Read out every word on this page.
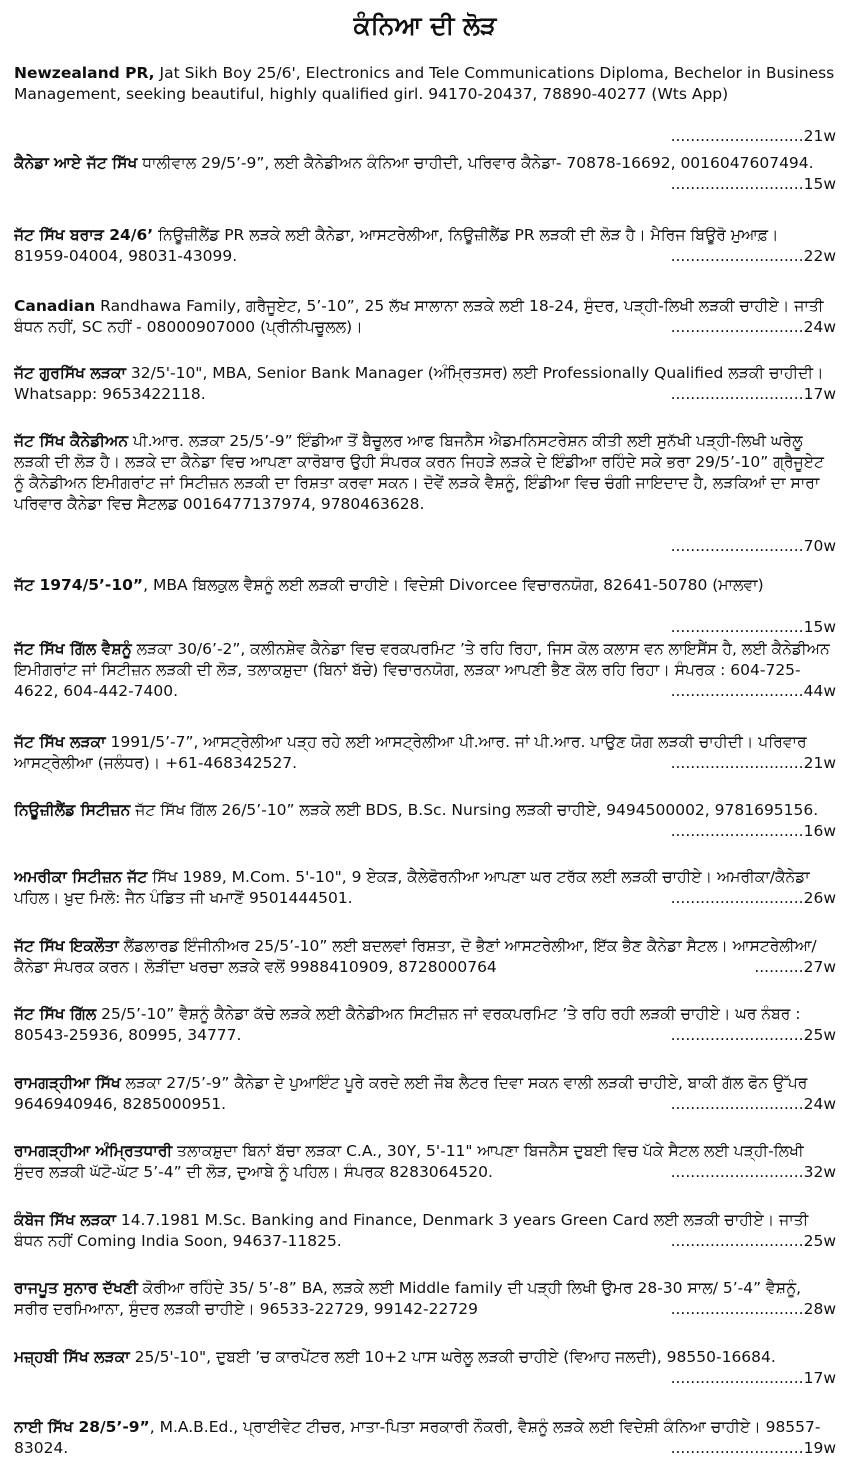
ਕੰਨਿਆ ਦੀ ਲੋੜ

Newzealand PR, Jat Sikh Boy 25/6', Electronics and Tele Communications Diploma, Bechelor in Business Management, seeking beautiful, highly qualified girl. 94170-20437, 78890-40277 (Wts App)

...........................21w

ਕੈਨੇਡਾ ਆਏ ਜੱਟ ਸਿੱਖ ਧਾਲੀਵਾਲ 29/5’-9”, ਲਈ ਕੈਨੇਡੀਅਨ ਕੰਨਿਆ ਚਾਹੀਦੀ, ਪਰਿਵਾਰ ਕੈਨੇਡਾ- 70878-16692, 0016047607494.

...........................15w

ਜੱਟ ਸਿੱਖ ਬਰਾੜ 24/6’ ਨਿਊਜ਼ੀਲੈਂਡ PR ਲੜਕੇ ਲਈ ਕੈਨੇਡਾ, ਆਸਟਰੇਲੀਆ, ਨਿਊਜ਼ੀਲੈਂਡ PR ਲੜਕੀ ਦੀ ਲੋੜ ਹੈ। ਮੈਰਿਜ ਬਿਊਰੋ ਮੁਆਫ਼। 81959-04004, 98031-43099.	...........................22w

Canadian Randhawa Family, ਗਰੈਜੂਏਟ, 5’-10”, 25 ਲੱਖ ਸਾਲਾਨਾ ਲੜਕੇ ਲਈ 18-24, ਸੁੰਦਰ, ਪੜ੍ਹੀ-ਲਿਖੀ ਲੜਕੀ ਚਾਹੀਏ। ਜਾਤੀ ਬੰਧਨ ਨਹੀਂ, SC ਨਹੀਂ - 08000907000 (ਪ੍ਰੀਨੀਪਚੂਲਲ)।	...........................24w

ਜੱਟ ਗੁਰਸਿੱਖ ਲੜਕਾ 32/5'-10", MBA, Senior Bank Manager (ਅੰਮ੍ਰਿਤਸਰ) ਲਈ Professionally Qualified ਲੜਕੀ ਚਾਹੀਦੀ। Whatsapp: 9653422118.	...........................17w

ਜੱਟ ਸਿੱਖ ਕੈਨੇਡੀਅਨ ਪੀ.ਆਰ. ਲੜਕਾ 25/5’-9” ਇੰਡੀਆ ਤੋਂ ਬੈਚੂਲਰ ਆਫ ਬਿਜਨੈਸ ਐਡਮਨਿਸਟਰੇਸ਼ਨ ਕੀਤੀ ਲਈ ਸੁਨੱਖੀ ਪੜ੍ਹੀ-ਲਿਖੀ ਘਰੇਲੂ ਲੜਕੀ ਦੀ ਲੋੜ ਹੈ। ਲੜਕੇ ਦਾ ਕੈਨੇਡਾ ਵਿਚ ਆਪਣਾ ਕਾਰੋਬਾਰ ਉਹੀ ਸੰਪਰਕ ਕਰਨ ਜਿਹੜੇ ਲੜਕੇ ਦੇ ਇੰਡੀਆ ਰਹਿੰਦੇ ਸਕੇ ਭਰਾ 29/5’-10” ਗ੍ਰੈਜੂਏਟ ਨੂੰ ਕੈਨੇਡੀਅਨ ਇਮੀਗਰਾਂਟ ਜਾਂ ਸਿਟੀਜ਼ਨ ਲੜਕੀ ਦਾ ਰਿਸ਼ਤਾ ਕਰਵਾ ਸਕਨ। ਦੋਵੇਂ ਲੜਕੇ ਵੈਸ਼ਨੂੰ, ਇੰਡੀਆ ਵਿਚ ਚੰਗੀ ਜਾਇਦਾਦ ਹੈ, ਲੜਕਿਆਂ ਦਾ ਸਾਰਾ ਪਰਿਵਾਰ ਕੈਨੇਡਾ ਵਿਚ ਸੈਟਲਡ 0016477137974, 9780463628.

...........................70w

ਜੱਟ 1974/5’-10”, MBA ਬਿਲਕੁਲ ਵੈਸ਼ਨੂੰ ਲਈ ਲੜਕੀ ਚਾਹੀਏ। ਵਿਦੇਸ਼ੀ Divorcee ਵਿਚਾਰਨਯੋਗ, 82641-50780 (ਮਾਲਵਾ)

...........................15w

ਜੱਟ ਸਿੱਖ ਗਿੱਲ ਵੈਸ਼ਨੂੰ ਲੜਕਾ 30/6’-2”, ਕਲੀਨਸ਼ੇਵ ਕੈਨੇਡਾ ਵਿਚ ਵਰਕਪਰਮਿਟ ’ਤੇ ਰਹਿ ਰਿਹਾ, ਜਿਸ ਕੋਲ ਕਲਾਸ ਵਨ ਲਾਇਸੈਂਸ ਹੈ, ਲਈ ਕੈਨੇਡੀਅਨ ਇਮੀਗਰਾਂਟ ਜਾਂ ਸਿਟੀਜ਼ਨ ਲੜਕੀ ਦੀ ਲੋੜ, ਤਲਾਕਸ਼ੁਦਾ (ਬਿਨਾਂ ਬੱਚੇ) ਵਿਚਾਰਨਯੋਗ, ਲੜਕਾ ਆਪਣੀ ਭੈਣ ਕੋਲ ਰਹਿ ਰਿਹਾ। ਸੰਪਰਕ : 604-725-4622, 604-442-7400.	...........................44w

ਜੱਟ ਸਿੱਖ ਲੜਕਾ 1991/5’-7”, ਆਸਟ੍ਰੇਲੀਆ ਪੜ੍ਹ ਰਹੇ ਲਈ ਆਸਟ੍ਰੇਲੀਆ ਪੀ.ਆਰ. ਜਾਂ ਪੀ.ਆਰ. ਪਾਉਣ ਯੋਗ ਲੜਕੀ ਚਾਹੀਦੀ। ਪਰਿਵਾਰ ਆਸਟ੍ਰੇਲੀਆ (ਜਲੰਧਰ)। +61-468342527.	...........................21w

ਨਿਊਜ਼ੀਲੈਂਡ ਸਿਟੀਜ਼ਨ ਜੱਟ ਸਿੱਖ ਗਿੱਲ 26/5’-10” ਲੜਕੇ ਲਈ BDS, B.Sc. Nursing ਲੜਕੀ ਚਾਹੀਏ, 9494500002, 9781695156.

...........................16w

ਅਮਰੀਕਾ ਸਿਟੀਜ਼ਨ ਜੱਟ ਸਿੱਖ 1989, M.Com. 5'-10", 9 ਏਕੜ, ਕੈਲੇਫੋਰਨੀਆ ਆਪਣਾ ਘਰ ਟਰੱਕ ਲਈ ਲੜਕੀ ਚਾਹੀਏ। ਅਮਰੀਕਾ/ਕੈਨੇਡਾ ਪਹਿਲ। ਖ਼ੁਦ ਮਿਲੋ: ਜੈਨ ਪੰਡਿਤ ਜੀ ਖਮਾਣੋਂ 9501444501.	...........................26w

ਜੱਟ ਸਿੱਖ ਇਕਲੌਤਾ ਲੈਂਡਲਾਰਡ ਇੰਜੀਨੀਅਰ 25/5’-10” ਲਈ ਬਦਲਵਾਂ ਰਿਸ਼ਤਾ, ਦੋ ਭੈਣਾਂ ਆਸਟਰੇਲੀਆ, ਇੱਕ ਭੈਣ ਕੈਨੇਡਾ ਸੈਟਲ। ਆਸਟਰੇਲੀਆ/ਕੈਨੇਡਾ ਸੰਪਰਕ ਕਰਨ। ਲੋੜੀਂਦਾ ਖਰਚਾ ਲੜਕੇ ਵਲੋਂ 9988410909, 8728000764	..........27w

ਜੱਟ ਸਿੱਖ ਗਿੱਲ 25/5’-10” ਵੈਸ਼ਨੂੰ ਕੈਨੇਡਾ ਕੱਚੇ ਲੜਕੇ ਲਈ ਕੈਨੇਡੀਅਨ ਸਿਟੀਜ਼ਨ ਜਾਂ ਵਰਕਪਰਮਿਟ ’ਤੇ ਰਹਿ ਰਹੀ ਲੜਕੀ ਚਾਹੀਏ। ਘਰ ਨੰਬਰ : 80543-25936, 80995, 34777.	...........................25w

ਰਾਮਗੜ੍ਹੀਆ ਸਿੱਖ ਲੜਕਾ 27/5’-9” ਕੈਨੇਡਾ ਦੇ ਪੁਆਇੰਟ ਪੂਰੇ ਕਰਦੇ ਲਈ ਜੌਬ ਲੈਟਰ ਦਿਵਾ ਸਕਨ ਵਾਲੀ ਲੜਕੀ ਚਾਹੀਏ, ਬਾਕੀ ਗੱਲ ਫੋਨ ਉੱਪਰ 9646940946, 8285000951.	...........................24w

ਰਾਮਗੜ੍ਹੀਆ ਅੰਮ੍ਰਿਤਧਾਰੀ ਤਲਾਕਸ਼ੁਦਾ ਬਿਨਾਂ ਬੱਚਾ ਲੜਕਾ C.A., 30Y, 5'-11" ਆਪਣਾ ਬਿਜਨੈਸ ਦੁਬਈ ਵਿਚ ਪੱਕੇ ਸੈਟਲ ਲਈ ਪੜ੍ਹੀ-ਲਿਖੀ ਸੁੰਦਰ ਲੜਕੀ ਘੱਟੋ-ਘੱਟ 5’-4” ਦੀ ਲੋੜ, ਦੁਆਬੇ ਨੂੰ ਪਹਿਲ। ਸੰਪਰਕ 8283064520.	...........................32w

ਕੰਬੋਜ ਸਿੱਖ ਲੜਕਾ 14.7.1981 M.Sc. Banking and Finance, Denmark 3 years Green Card ਲਈ ਲੜਕੀ ਚਾਹੀਏ। ਜਾਤੀ ਬੰਧਨ ਨਹੀਂ Coming India Soon, 94637-11825.	...........................25w

ਰਾਜਪੂਤ ਸੁਨਾਰ ਦੱਖਣੀ ਕੋਰੀਆ ਰਹਿੰਦੇ 35/ 5’-8” BA, ਲੜਕੇ ਲਈ Middle family ਦੀ ਪੜ੍ਹੀ ਲਿਖੀ ਉਮਰ 28-30 ਸਾਲ/ 5’-4” ਵੈਸ਼ਨੂੰ, ਸਰੀਰ ਦਰਮਿਆਨਾ, ਸੁੰਦਰ ਲੜਕੀ ਚਾਹੀਏ। 96533-22729, 99142-22729	...........................28w

ਮਜ਼੍ਹਬੀ ਸਿੱਖ ਲੜਕਾ 25/5'-10", ਦੁਬਈ ’ਚ ਕਾਰਪੇਂਟਰ ਲਈ 10+2 ਪਾਸ ਘਰੇਲੂ ਲੜਕੀ ਚਾਹੀਏ (ਵਿਆਹ ਜਲਦੀ), 98550-16684.

...........................17w

ਨਾਈ ਸਿੱਖ 28/5’-9”, M.A.B.Ed., ਪ੍ਰਾਈਵੇਟ ਟੀਚਰ, ਮਾਤਾ-ਪਿਤਾ ਸਰਕਾਰੀ ਨੌਕਰੀ, ਵੈਸ਼ਨੂੰ ਲੜਕੇ ਲਈ ਵਿਦੇਸ਼ੀ ਕੰਨਿਆ ਚਾਹੀਏ। 98557-83024.	...........................19w
